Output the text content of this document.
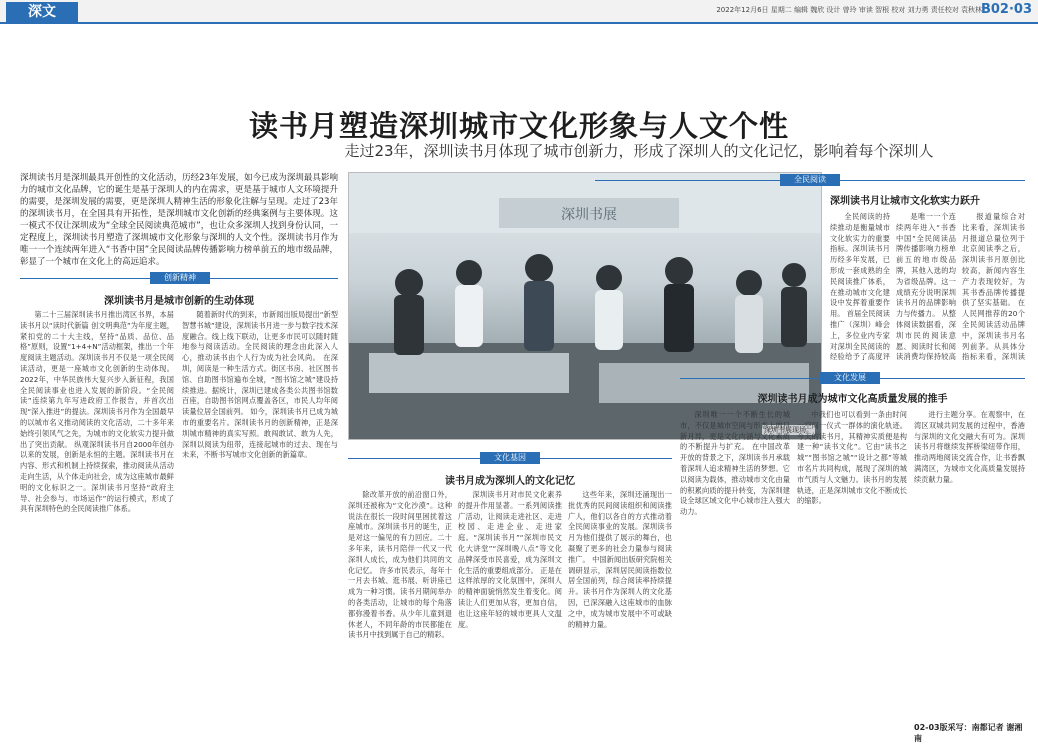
深文	2022年12月6日 星期二 编辑 魏欣 设计 曾玲 审读 智根 校对 刘力勇 责任校对 袁秋林
B02·03
读书月塑造深圳城市文化形象与人文个性
走过23年，深圳读书月体现了城市创新力，形成了深圳人的文化记忆，影响着每个深圳人
深圳读书月是深圳最具开创性的文化活动，历经23年发展，如今已成为深圳最具影响力的城市文化品牌，它的诞生是基于深圳人的内在需求，更是基于城市人文环境提升的需要，是深圳发展的需要，更是深圳人精神生活的形象化注解与呈现。走过了23年的深圳读书月，在全国具有开拓性，是深圳城市文化创新的经典案例与主要体现。这一模式不仅让深圳成为“全球全民阅读典范城市”，也让众多深圳人找到身份认同，一定程度上，深圳读书月塑造了深圳城市文化形象与深圳的人文个性。深圳读书月作为唯一一个连续两年进入“书香中国”全民阅读品牌传播影响力榜单前五的地市级品牌，彰显了一个城市在文化上的高远追求。
深圳书展
深圳书展现场。
创新精神
深圳读书月是城市创新的生动体现
第二十三届深圳读书月推出湾区书界，本届读书月以“读时代新篇 创文明典范”为年度主题，紧扣党的二十大主线，坚持“品质、品位、品格”原则，设置“1+4+N”活动框架，推出一个年度阅读主题活动。深圳读书月不仅是一项全民阅读活动，更是一座城市文化创新的生动体现。 2022年，中华民族伟大复兴步入新征程，我国全民阅读事业也进入发展的新阶段。“全民阅读”连续第九年写进政府工作报告，并首次出现“深入推进”的提法。深圳读书月作为全国最早的以城市名义推动阅读的文化活动，二十多年来始终引领风气之先，为城市的文化软实力提升做出了突出贡献。 纵观深圳读书月自2000年创办以来的发展，创新是永恒的主题。深圳读书月在内容、形式和机制上持续探索，推动阅读从活动走向生活，从个体走向社会，成为这座城市最鲜明的文化标识之一。深圳读书月坚持“政府主导、社会参与、市场运作”的运行模式，形成了具有深圳特色的全民阅读推广体系。
随着新时代的到来，市新闻出版局提出“新型智慧书城”建设，深圳读书月进一步与数字技术深度融合。线上线下联动，让更多市民可以随时随地参与阅读活动。全民阅读的理念由此深入人心，推动读书由个人行为成为社会风尚。 在深圳，阅读是一种生活方式。街区书房、社区图书馆、自助图书馆遍布全城，“图书馆之城”建设持续推进。据统计，深圳已建成各类公共图书馆数百座，自助图书馆网点覆盖各区，市民人均年阅读量位居全国前列。 如今，深圳读书月已成为城市的重要名片。深圳读书月的创新精神，正是深圳城市精神的真实写照。敢闯敢试、敢为人先，深圳以阅读为纽带，连接起城市的过去、现在与未来，不断书写城市文化创新的新篇章。	文化基因
读书月成为深圳人的文化记忆
除改革开放的前沿窗口外，深圳还被称为“文化沙漠”。这种说法在很长一段时间里困扰着这座城市。深圳读书月的诞生，正是对这一偏见的有力回应。二十多年来，读书月陪伴一代又一代深圳人成长，成为他们共同的文化记忆。 许多市民表示，每年十一月去书城、逛书展、听讲座已成为一种习惯。读书月期间举办的各类活动，让城市的每个角落都弥漫着书香。从少年儿童到退休老人，不同年龄的市民都能在读书月中找到属于自己的精彩。
深圳读书月对市民文化素养的提升作用显著。一系列阅读推广活动，让阅读走进社区、走进校园、走进企业、走进家庭。“深圳读书月”“深圳市民文化大讲堂”“深圳晚八点”等文化品牌深受市民喜爱，成为深圳文化生活的重要组成部分。 正是在这样浓厚的文化氛围中，深圳人的精神面貌悄然发生着变化。阅读让人们更加从容，更加自信，也让这座年轻的城市更具人文温度。
这些年来，深圳还涌现出一批优秀的民间阅读组织和阅读推广人，他们以各自的方式推动着全民阅读事业的发展。深圳读书月为他们提供了展示的舞台，也凝聚了更多的社会力量参与阅读推广。 中国新闻出版研究院相关调研显示，深圳居民阅读指数位居全国前列，综合阅读率持续提升。读书月作为深圳人的文化基因，已深深融入这座城市的血脉之中，成为城市发展中不可或缺的精神力量。
全民阅读
深圳读书月让城市文化软实力跃升
全民阅读的持续推动是衡量城市文化软实力的重要指标。深圳读书月历经多年发展，已形成一套成熟的全民阅读推广体系，在推动城市文化建设中发挥着重要作用。 首届全民阅读推广（深圳）峰会上，多位业内专家对深圳全民阅读的经验给予了高度评
是唯一一个连续两年进入“书香中国”全民阅读品牌传播影响力榜单前五的地市级品牌，其他入选的均为省级品牌。这一成绩充分说明深圳读书月的品牌影响力与传播力。 从整体阅读数据看，深圳市民的阅读意愿、阅读时长和阅读消费均保持较高
报道量综合对比来看，深圳读书月报道总量位列于北京阅读季之后，深圳读书月原创比较高，新闻内容生产力表现较好，为其书香品牌传播提供了坚实基础。 在人民网推荐的20个全民阅读活动品牌中，深圳读书月名列前茅。从具体分指标来看，深圳读
文化发展
深圳读书月成为城市文化高质量发展的推手
深圳唯一一个不断生长的城市，不仅是城市空间与形态上的日新月异，更是文化内涵与文化素质的不断提升与扩充。 在中国改革开放的背景之下，深圳读书月承载着深圳人追求精神生活的梦想。它以阅读为载体，推动城市文化由量的积累向质的提升转变，为深圳建设全球区域文化中心城市注入强大动力。
中我们也可以看到一条由时间一空间一仪式一群体的演化轨迹。 今天的读书月，其精神实质便是构建一种“读书文化”。它由“读书之城”“图书馆之城”“设计之都”等城市名片共同构成，展现了深圳的城市气质与人文魅力。读书月的发展轨迹，正是深圳城市文化不断成长的缩影。
进行主题分享。在观察中，在湾区双城共同发展的过程中，香港与深圳的文化交融大有可为。深圳读书月将继续发挥桥梁纽带作用，推动两地阅读交流合作，让书香飘满湾区，为城市文化高质量发展持续贡献力量。
02-03版采写：南都记者 谢湘南
